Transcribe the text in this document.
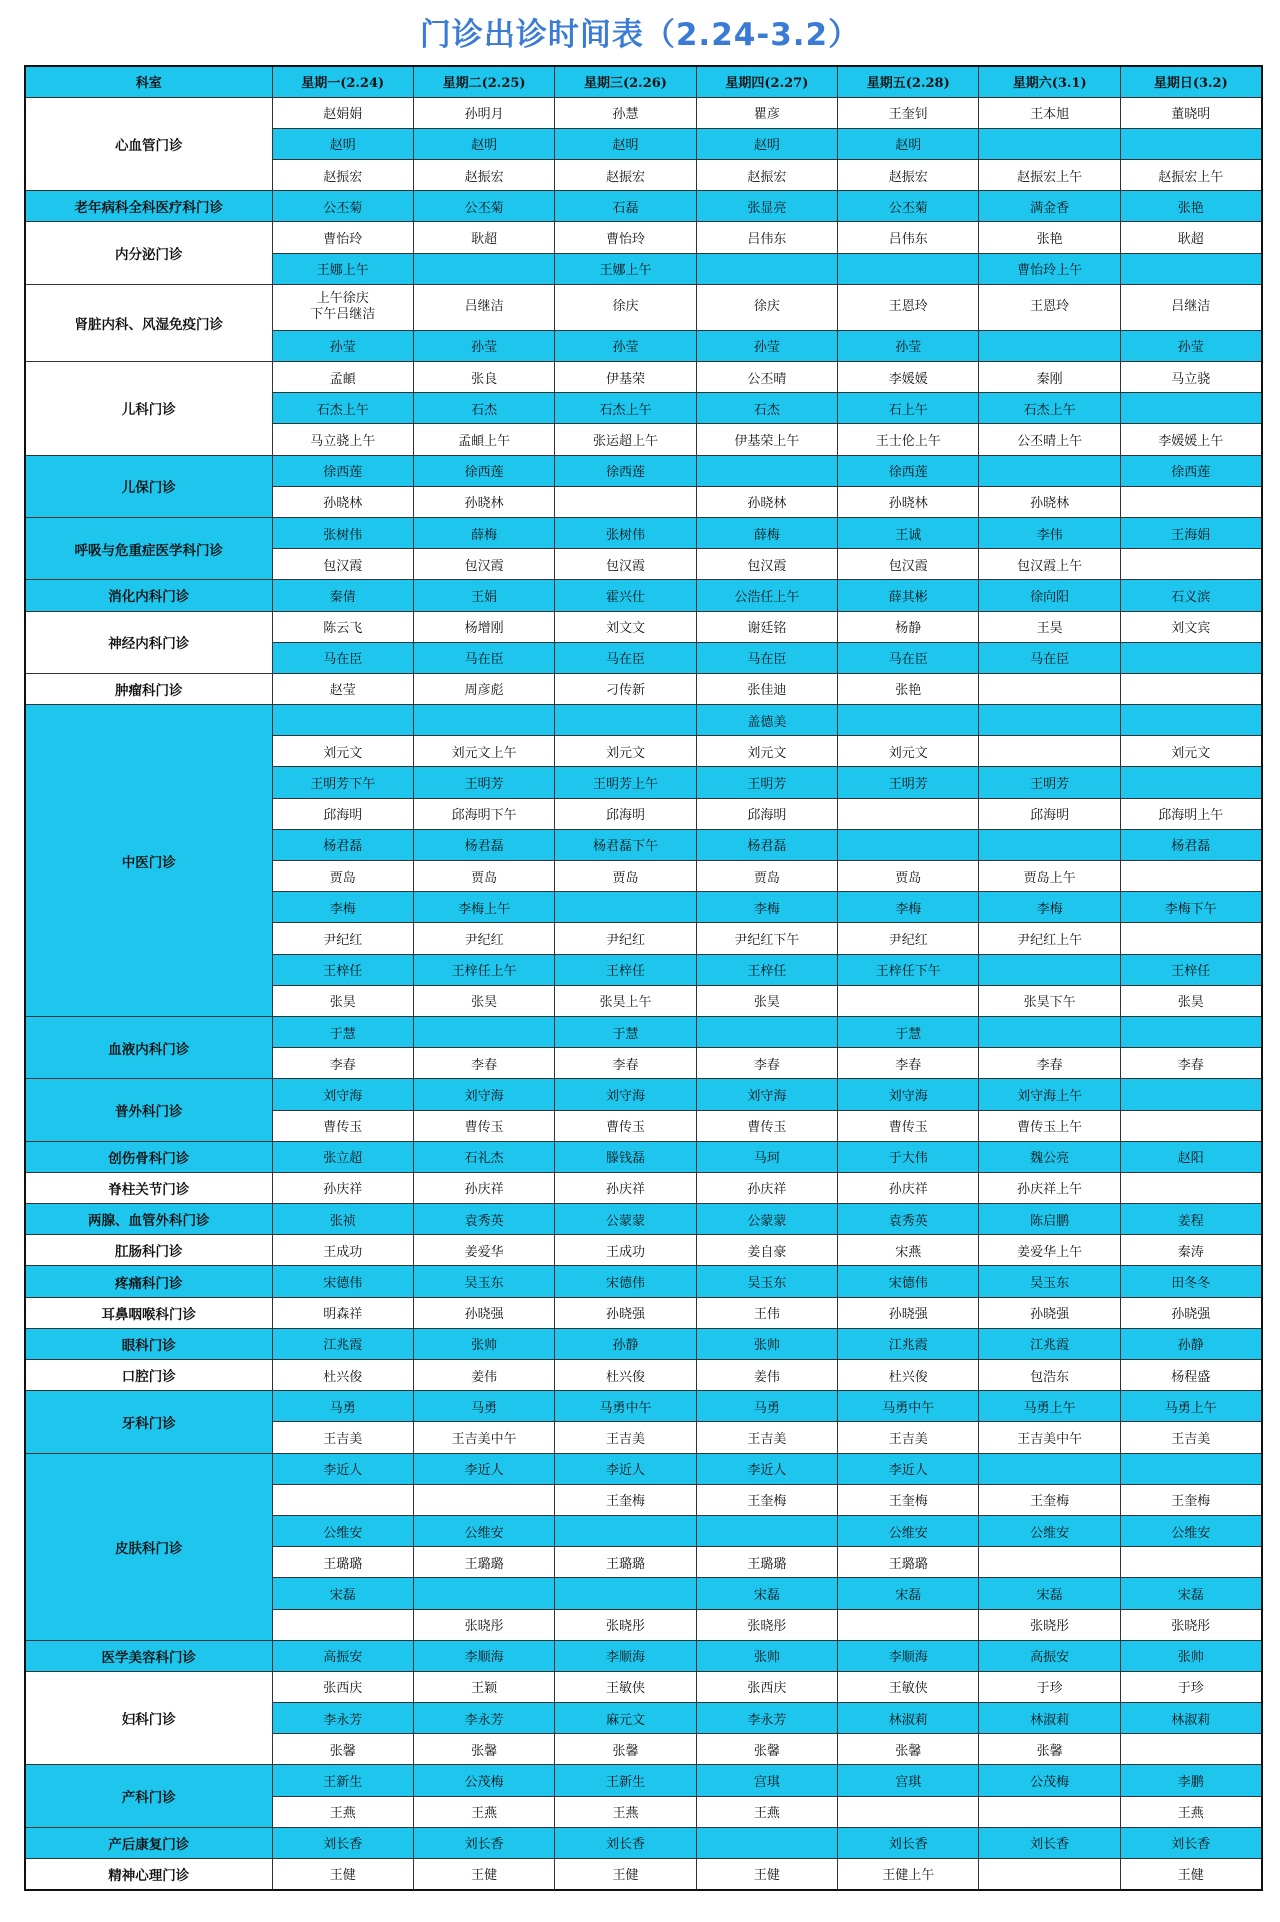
门诊出诊时间表（2.24-3.2）
科室	星期一(2.24)	星期二(2.25)	星期三(2.26)	星期四(2.27)	星期五(2.28)	星期六(3.1)	星期日(3.2)
心血管门诊	赵娟娟	孙明月	孙慧	瞿彦	王奎钊	王本旭	董晓明
	赵明	赵明	赵明	赵明	赵明		
	赵振宏	赵振宏	赵振宏	赵振宏	赵振宏	赵振宏上午	赵振宏上午
老年病科全科医疗科门诊	公丕菊	公丕菊	石磊	张显亮	公丕菊	满金香	张艳
内分泌门诊	曹怡玲	耿超	曹怡玲	吕伟东	吕伟东	张艳	耿超
	王娜上午		王娜上午			曹怡玲上午	
肾脏内科、风湿免疫门诊	上午徐庆
下午吕继洁	吕继洁	徐庆	徐庆	王恩玲	王恩玲	吕继洁
	孙莹	孙莹	孙莹	孙莹	孙莹		孙莹
儿科门诊	孟頔	张良	伊基荣	公丕晴	李媛媛	秦刚	马立骁
	石杰上午	石杰	石杰上午	石杰	石上午	石杰上午	
	马立骁上午	孟頔上午	张运超上午	伊基荣上午	王士伦上午	公丕晴上午	李媛媛上午
儿保门诊	徐西莲	徐西莲	徐西莲		徐西莲		徐西莲
	孙晓林	孙晓林		孙晓林	孙晓林	孙晓林	
呼吸与危重症医学科门诊	张树伟	薛梅	张树伟	薛梅	王诚	李伟	王海娟
	包汉霞	包汉霞	包汉霞	包汉霞	包汉霞	包汉霞上午	
消化内科门诊	秦倩	王娟	霍兴仕	公浩任上午	薛其彬	徐向阳	石义滨
神经内科门诊	陈云飞	杨增刚	刘文文	谢廷铭	杨静	王昊	刘文宾
	马在臣	马在臣	马在臣	马在臣	马在臣	马在臣	
肿瘤科门诊	赵莹	周彦彪	刁传新	张佳迪	张艳		
中医门诊				盖德美			
	刘元文	刘元文上午	刘元文	刘元文	刘元文		刘元文
	王明芳下午	王明芳	王明芳上午	王明芳	王明芳	王明芳	
	邱海明	邱海明下午	邱海明	邱海明		邱海明	邱海明上午
	杨君磊	杨君磊	杨君磊下午	杨君磊			杨君磊
	贾岛	贾岛	贾岛	贾岛	贾岛	贾岛上午	
	李梅	李梅上午		李梅	李梅	李梅	李梅下午
	尹纪红	尹纪红	尹纪红	尹纪红下午	尹纪红	尹纪红上午	
	王梓任	王梓任上午	王梓任	王梓任	王梓任下午		王梓任
	张昊	张昊	张昊上午	张昊		张昊下午	张昊
血液内科门诊	于慧		于慧		于慧		
	李春	李春	李春	李春	李春	李春	李春
普外科门诊	刘守海	刘守海	刘守海	刘守海	刘守海	刘守海上午	
	曹传玉	曹传玉	曹传玉	曹传玉	曹传玉	曹传玉上午	
创伤骨科门诊	张立超	石礼杰	滕钱磊	马珂	于大伟	魏公亮	赵阳
脊柱关节门诊	孙庆祥	孙庆祥	孙庆祥	孙庆祥	孙庆祥	孙庆祥上午	
两腺、血管外科门诊	张祯	袁秀英	公蒙蒙	公蒙蒙	袁秀英	陈启鹏	姜程
肛肠科门诊	王成功	姜爱华	王成功	姜自豪	宋燕	姜爱华上午	秦涛
疼痛科门诊	宋德伟	吴玉东	宋德伟	吴玉东	宋德伟	吴玉东	田冬冬
耳鼻咽喉科门诊	明森祥	孙晓强	孙晓强	王伟	孙晓强	孙晓强	孙晓强
眼科门诊	江兆霞	张帅	孙静	张帅	江兆霞	江兆霞	孙静
口腔门诊	杜兴俊	姜伟	杜兴俊	姜伟	杜兴俊	包浩东	杨程盛
牙科门诊	马勇	马勇	马勇中午	马勇	马勇中午	马勇上午	马勇上午
	王吉美	王吉美中午	王吉美	王吉美	王吉美	王吉美中午	王吉美
皮肤科门诊	李近人	李近人	李近人	李近人	李近人		
			王奎梅	王奎梅	王奎梅	王奎梅	王奎梅
	公维安	公维安			公维安	公维安	公维安
	王璐璐	王璐璐	王璐璐	王璐璐	王璐璐		
	宋磊			宋磊	宋磊	宋磊	宋磊
		张晓彤	张晓彤	张晓彤		张晓彤	张晓彤
医学美容科门诊	高振安	李顺海	李顺海	张帅	李顺海	高振安	张帅
妇科门诊	张西庆	王颖	王敏侠	张西庆	王敏侠	于珍	于珍
	李永芳	李永芳	麻元文	李永芳	林淑莉	林淑莉	林淑莉
	张馨	张馨	张馨	张馨	张馨	张馨	
产科门诊	王新生	公茂梅	王新生	宫琪	宫琪	公茂梅	李鹏
	王燕	王燕	王燕	王燕			王燕
产后康复门诊	刘长香	刘长香	刘长香		刘长香	刘长香	刘长香
精神心理门诊	王健	王健	王健	王健	王健上午		王健
